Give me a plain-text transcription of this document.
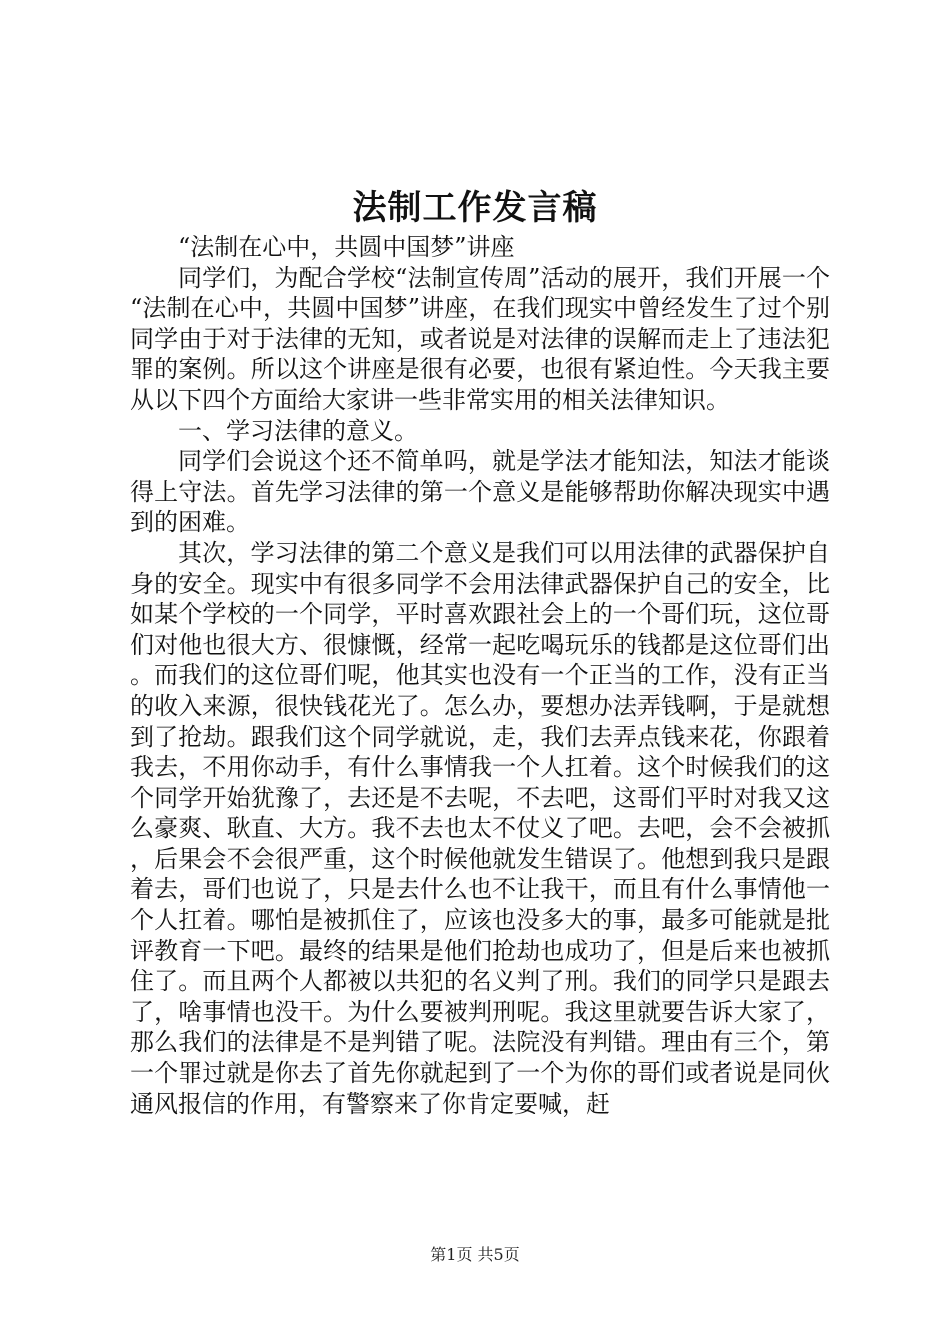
法制工作发言稿

“法制在心中，共圆中国梦”讲座

同学们，为配合学校“法制宣传周”活动的展开，我们开展一个“法制在心中，共圆中国梦”讲座，在我们现实中曾经发生了过个别同学由于对于法律的无知，或者说是对法律的误解而走上了违法犯罪的案例。所以这个讲座是很有必要，也很有紧迫性。今天我主要从以下四个方面给大家讲一些非常实用的相关法律知识。

一、学习法律的意义。

同学们会说这个还不简单吗，就是学法才能知法，知法才能谈得上守法。首先学习法律的第一个意义是能够帮助你解决现实中遇到的困难。

其次，学习法律的第二个意义是我们可以用法律的武器保护自身的安全。现实中有很多同学不会用法律武器保护自己的安全，比如某个学校的一个同学，平时喜欢跟社会上的一个哥们玩，这位哥们对他也很大方、很慷慨，经常一起吃喝玩乐的钱都是这位哥们出。而我们的这位哥们呢，他其实也没有一个正当的工作，没有正当的收入来源，很快钱花光了。怎么办，要想办法弄钱啊，于是就想到了抢劫。跟我们这个同学就说，走，我们去弄点钱来花，你跟着我去，不用你动手，有什么事情我一个人扛着。这个时候我们的这个同学开始犹豫了，去还是不去呢，不去吧，这哥们平时对我又这么豪爽、耿直、大方。我不去也太不仗义了吧。去吧，会不会被抓，后果会不会很严重，这个时候他就发生错误了。他想到我只是跟着去，哥们也说了，只是去什么也不让我干，而且有什么事情他一个人扛着。哪怕是被抓住了，应该也没多大的事，最多可能就是批评教育一下吧。最终的结果是他们抢劫也成功了，但是后来也被抓住了。而且两个人都被以共犯的名义判了刑。我们的同学只是跟去了，啥事情也没干。为什么要被判刑呢。我这里就要告诉大家了，那么我们的法律是不是判错了呢。法院没有判错。理由有三个，第一个罪过就是你去了首先你就起到了一个为你的哥们或者说是同伙通风报信的作用，有警察来了你肯定要喊，赶

第1页 共5页
